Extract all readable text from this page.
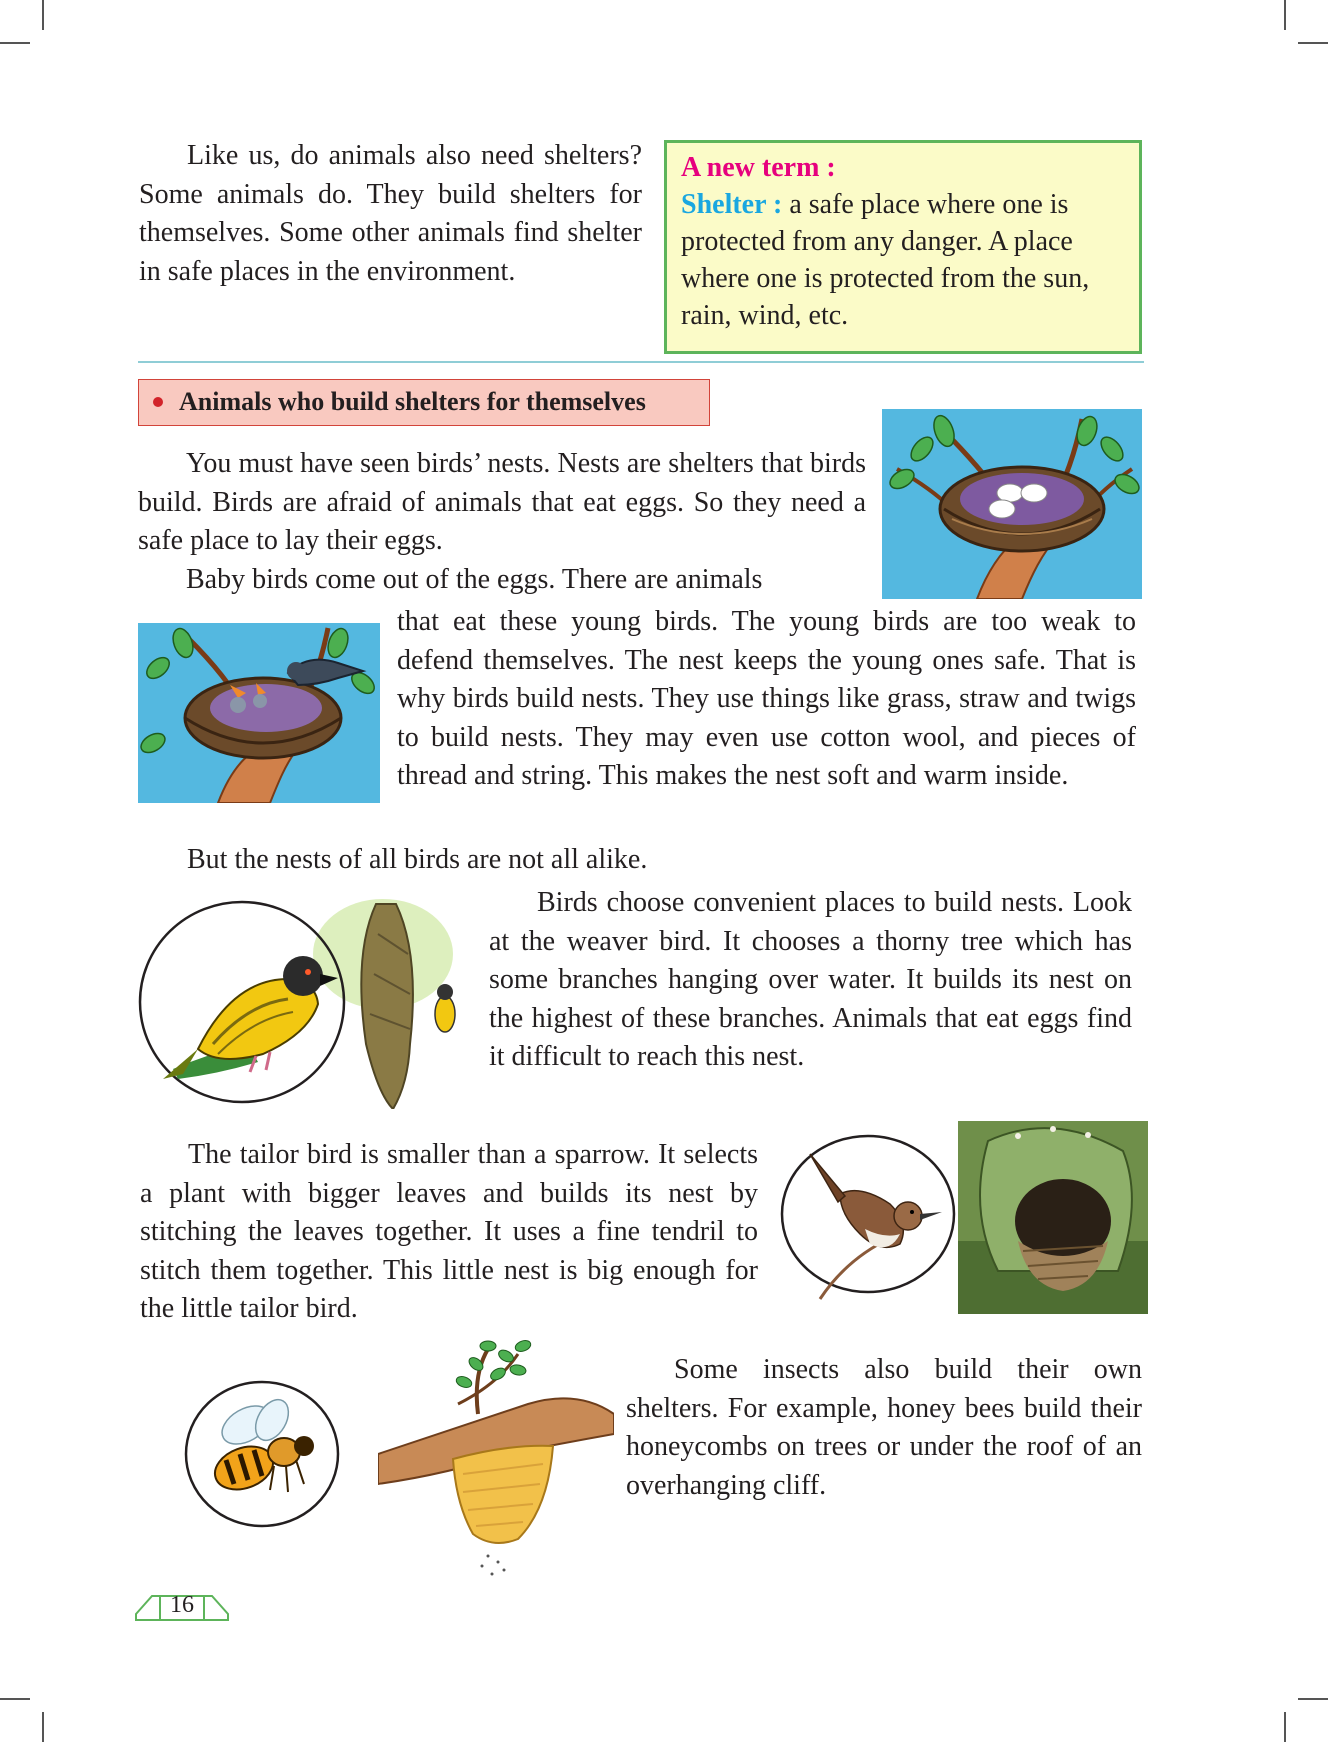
Like us, do animals also need shelters? Some animals do. They build shelters for themselves. Some other animals find shelter in safe places in the environment.

A new term :
Shelter : a safe place where one is protected from any danger. A place where one is protected from the sun, rain, wind, etc.
Animals who build shelters for themselves

You must have seen birds’ nests. Nests are shelters that birds build. Birds are afraid of animals that eat eggs. So they need a safe place to lay their eggs.

Baby birds come out of the eggs. There are animals

that eat these young birds. The young birds are too weak to defend themselves. The nest keeps the young ones safe. That is why birds build nests. They use things like grass, straw and twigs to build nests. They may even use cotton wool, and pieces of thread and string. This makes the nest soft and warm inside.

But the nests of all birds are not all alike.

Birds choose convenient places to build nests. Look at the weaver bird. It chooses a thorny tree which has some branches hanging over water. It builds its nest on the highest of these branches. Animals that eat eggs find it difficult to reach this nest.

The tailor bird is smaller than a sparrow. It selects a plant with bigger leaves and builds its nest by stitching the leaves together. It uses a fine tendril to stitch them together. This little nest is big enough for the little tailor bird.

Some insects also build their own shelters. For example, honey bees build their honeycombs on trees or under the roof of an overhanging cliff.

16
